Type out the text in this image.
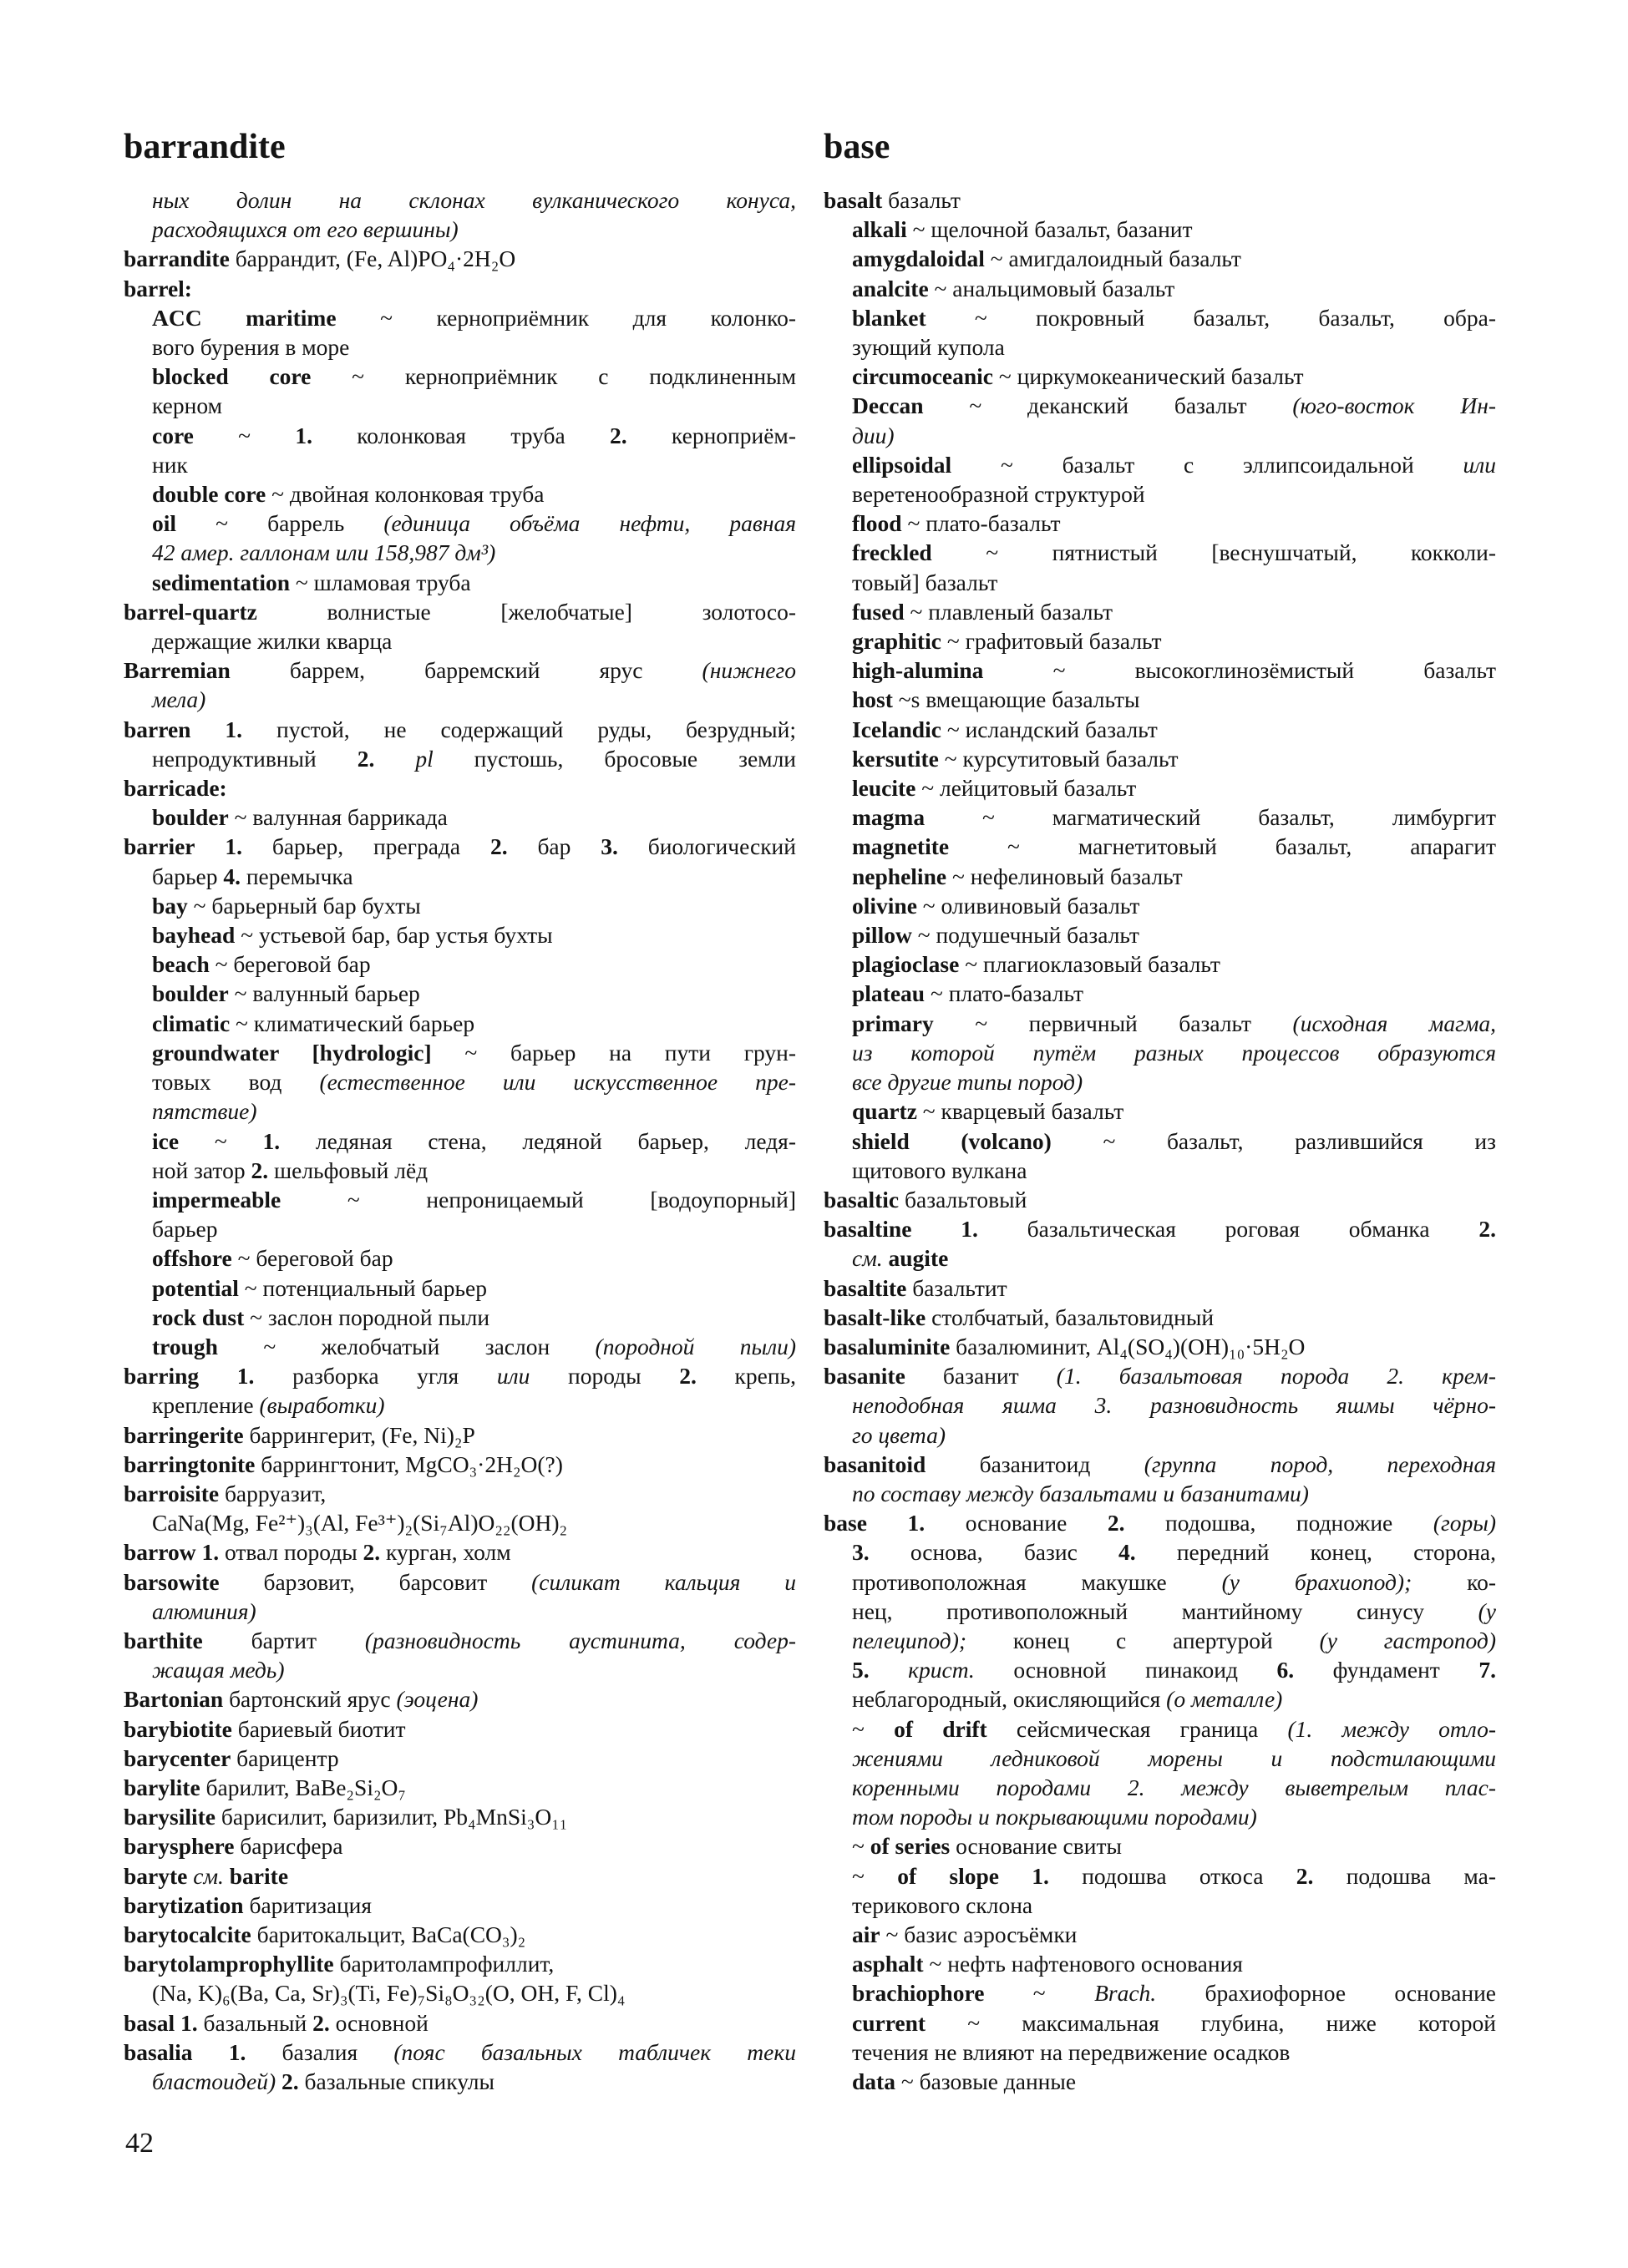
barrandite	base
ных долин на склонах вулканического конуса,
расходящихся от его вершины)
barrandite баррандит, (Fe, Al)PO₄·2H₂O
barrel:
ACC maritime ~ керноприёмник для колонко-
вого бурения в море
blocked core ~ керноприёмник с подклиненным
керном
core ~ 1. колонковая труба 2. керноприём-
ник
double core ~ двойная колонковая труба
oil ~ баррель (единица объёма нефти, равная
42 амер. галлонам или 158,987 дм³)
sedimentation ~ шламовая труба
barrel-quartz волнистые [желобчатые] золотосо-
держащие жилки кварца
Barremian баррем, барремский ярус (нижнего
мела)
barren 1. пустой, не содержащий руды, безрудный;
непродуктивный 2. pl пустошь, бросовые земли
barricade:
boulder ~ валунная баррикада
barrier 1. барьер, преграда 2. бар 3. биологический
барьер 4. перемычка
bay ~ барьерный бар бухты
bayhead ~ устьевой бар, бар устья бухты
beach ~ береговой бар
boulder ~ валунный барьер
climatic ~ климатический барьер
groundwater [hydrologic] ~ барьер на пути грун-
товых вод (естественное или искусственное пре-
пятствие)
ice ~ 1. ледяная стена, ледяной барьер, ледя-
ной затор 2. шельфовый лёд
impermeable ~ непроницаемый [водоупорный]
барьер
offshore ~ береговой бар
potential ~ потенциальный барьер
rock dust ~ заслон породной пыли
trough ~ желобчатый заслон (породной пыли)
barring 1. разборка угля или породы 2. крепь,
крепление (выработки)
barringerite баррингерит, (Fe, Ni)₂P
barringtonite баррингтонит, MgCO₃·2H₂O(?)
barroisite барруазит,
CaNa(Mg, Fe²⁺)₃(Al, Fe³⁺)₂(Si₇Al)O₂₂(OH)₂
barrow 1. отвал породы 2. курган, холм
barsowite барзовит, барсовит (силикат кальция и
алюминия)
barthite бартит (разновидность аустинита, содер-
жащая медь)
Bartonian бартонский ярус (эоцена)
barybiotite бариевый биотит
barycenter барицентр
barylite барилит, BaBe₂Si₂O₇
barysilite барисилит, баризилит, Pb₄MnSi₃O₁₁
barysphere барисфера
baryte см. barite
barytization баритизация
barytocalcite баритокальцит, BaCa(CO₃)₂
barytolamprophyllite баритолампрофиллит,
(Na, K)₆(Ba, Ca, Sr)₃(Ti, Fe)₇Si₈O₃₂(O, OH, F, Cl)₄
basal 1. базальный 2. основной
basalia 1. базалия (пояс базальных табличек теки
бластоидей) 2. базальные спикулы
basalt базальт
alkali ~ щелочной базальт, базанит
amygdaloidal ~ амигдалоидный базальт
analcite ~ анальцимовый базальт
blanket ~ покровный базальт, базальт, обра-
зующий купола
circumoceanic ~ циркумокеанический базальт
Deccan ~ деканский базальт (юго-восток Ин-
дии)
ellipsoidal ~ базальт с эллипсоидальной или
веретенообразной структурой
flood ~ плато-базальт
freckled ~ пятнистый [веснушчатый, кокколи-
товый] базальт
fused ~ плавленый базальт
graphitic ~ графитовый базальт
high-alumina ~ высокоглинозёмистый базальт
host ~s вмещающие базальты
Icelandic ~ исландский базальт
kersutite ~ курсутитовый базальт
leucite ~ лейцитовый базальт
magma ~ магматический базальт, лимбургит
magnetite ~ магнетитовый базальт, апарагит
nepheline ~ нефелиновый базальт
olivine ~ оливиновый базальт
pillow ~ подушечный базальт
plagioclase ~ плагиоклазовый базальт
plateau ~ плато-базальт
primary ~ первичный базальт (исходная магма,
из которой путём разных процессов образуются
все другие типы пород)
quartz ~ кварцевый базальт
shield (volcano) ~ базальт, разлившийся из
щитового вулкана
basaltic базальтовый
basaltine 1. базальтическая роговая обманка 2.
см. augite
basaltite базальтит
basalt-like столбчатый, базальтовидный
basaluminite базалюминит, Al₄(SO₄)(OH)₁₀·5H₂O
basanite базанит (1. базальтовая порода 2. крем-
неподобная яшма 3. разновидность яшмы чёрно-
го цвета)
basanitoid базанитоид (группа пород, переходная
по составу между базальтами и базанитами)
base 1. основание 2. подошва, подножие (горы)
3. основа, базис 4. передний конец, сторона,
противоположная макушке (у брахиопод); ко-
нец, противоположный мантийному синусу (у
пелеципод); конец с апертурой (у гастропод)
5. крист. основной пинакоид 6. фундамент 7.
неблагородный, окисляющийся (о металле)
~ of drift сейсмическая граница (1. между отло-
жениями ледниковой морены и подстилающими
коренными породами 2. между выветрелым плас-
том породы и покрывающими породами)
~ of series основание свиты
~ of slope 1. подошва откоса 2. подошва ма-
терикового склона
air ~ базис аэросъёмки
asphalt ~ нефть нафтенового основания
brachiophore ~ Brach. брахиофорное основание
current ~ максимальная глубина, ниже которой
течения не влияют на передвижение осадков
data ~ базовые данные
42
